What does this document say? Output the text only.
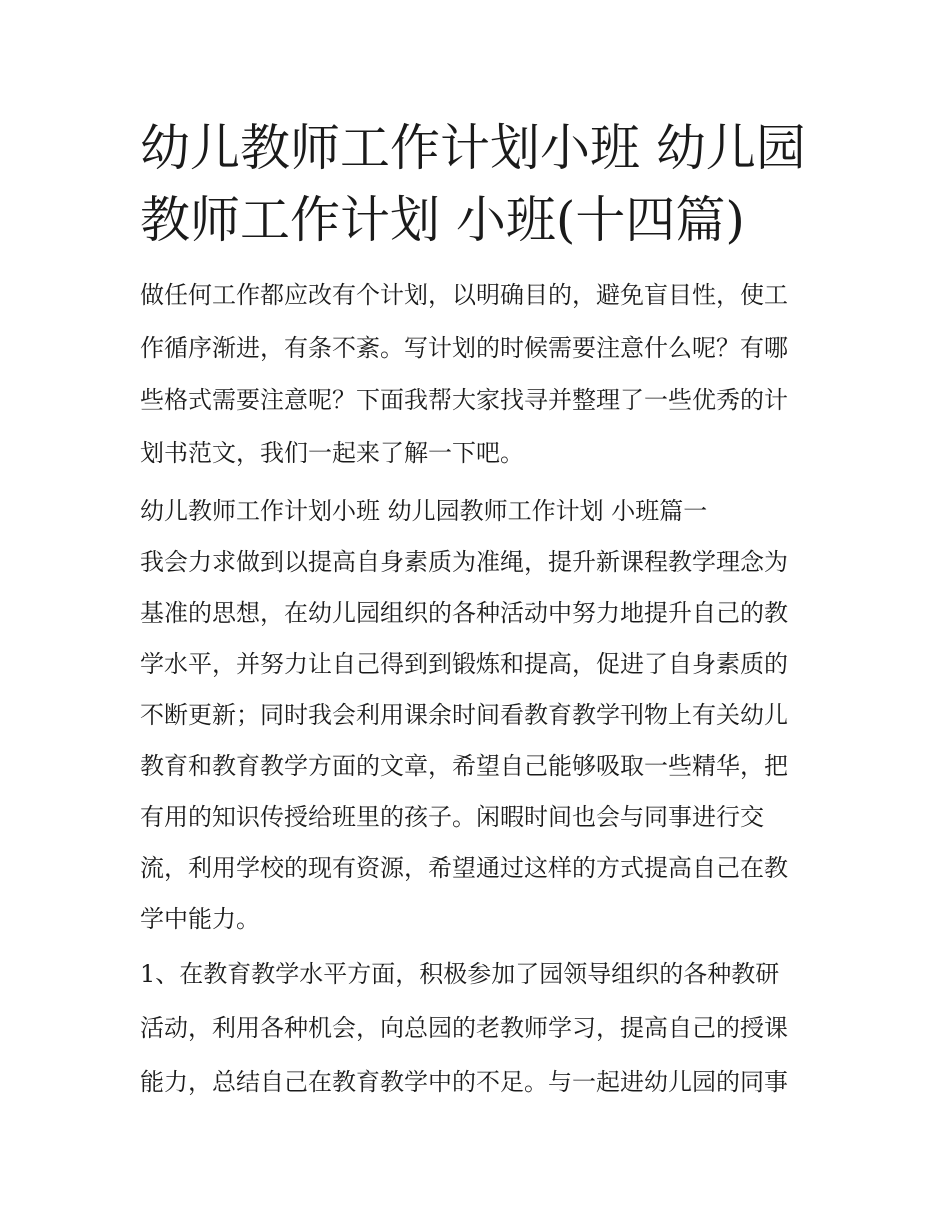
幼儿教师工作计划小班 幼儿园
教师工作计划 小班(十四篇)
做任何工作都应改有个计划，以明确目的，避免盲目性，使工
作循序渐进，有条不紊。写计划的时候需要注意什么呢？有哪
些格式需要注意呢？下面我帮大家找寻并整理了一些优秀的计
划书范文，我们一起来了解一下吧。
幼儿教师工作计划小班 幼儿园教师工作计划 小班篇一
我会力求做到以提高自身素质为准绳，提升新课程教学理念为
基准的思想，在幼儿园组织的各种活动中努力地提升自己的教
学水平，并努力让自己得到到锻炼和提高，促进了自身素质的
不断更新；同时我会利用课余时间看教育教学刊物上有关幼儿
教育和教育教学方面的文章，希望自己能够吸取一些精华，把
有用的知识传授给班里的孩子。闲暇时间也会与同事进行交
流，利用学校的现有资源，希望通过这样的方式提高自己在教
学中能力。
1、在教育教学水平方面，积极参加了园领导组织的各种教研
活动，利用各种机会，向总园的老教师学习，提高自己的授课
能力，总结自己在教育教学中的不足。与一起进幼儿园的同事
